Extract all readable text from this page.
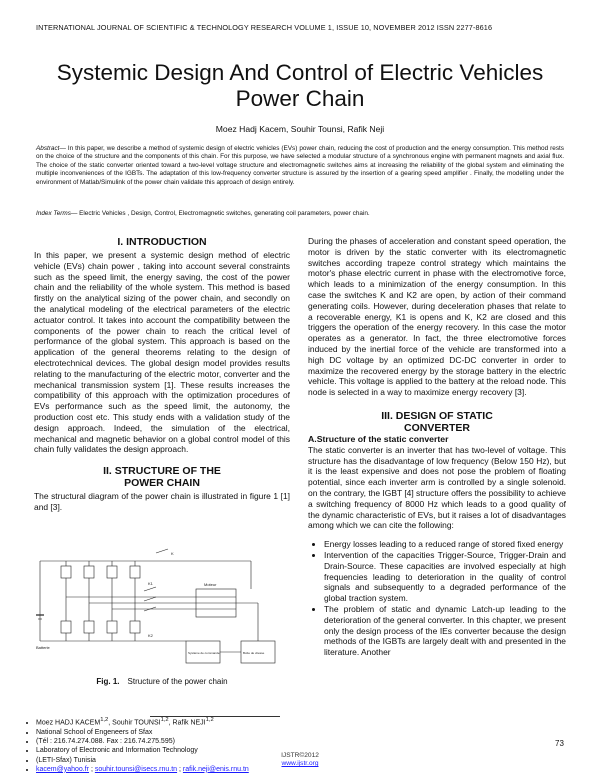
INTERNATIONAL JOURNAL OF SCIENTIFIC & TECHNOLOGY RESEARCH VOLUME 1, ISSUE 10, NOVEMBER 2012 ISSN 2277-8616
Systemic Design And Control of Electric Vehicles Power Chain
Moez Hadj Kacem, Souhir Tounsi, Rafik Neji
Abstract— In this paper, we describe a method of systemic design of electric vehicles (EVs) power chain, reducing the cost of production and the energy consumption. This method rests on the choice of the structure and the components of this chain. For this purpose, we have selected a modular structure of a synchronous engine with permanent magnets and axial flux. The choice of the static converter oriented toward a two-level voltage structure and electromagnetic switches aims at increasing the reliability of the global system and eliminating the multiple inconveniences of the IGBTs. The adaptation of this low-frequency converter structure is assured by the insertion of a gearing speed amplifier . Finally, the modelling under the environment of Matlab/Simulink of the power chain validate this approach of design entirely.
Index Terms— Electric Vehicles , Design, Control, Electromagnetic switches, generating coil parameters, power chain.
I. INTRODUCTION
In this paper, we present a systemic design method of electric vehicle (EVs) chain power , taking into account several constraints such as the speed limit, the energy saving, the cost of the power chain and the reliability of the whole system. This method is based firstly on the analytical sizing of the power chain, and secondly on the analytical modeling of the electrical parameters of the electric actuator control. It takes into account the compatibility between the components of the power chain to reach the critical level of performance of the global system. This approach is based on the application of the general theorems relating to the design of electrotechnical devices. The global design model provides results relating to the manufacturing of the electric motor, converter and the mechanical transmission system [1]. These results increases the compatibility of this approach with the optimization procedures of EVs performance such as the speed limit, the autonomy, the production cost etc. This study ends with a validation study of the design approach. Indeed, the simulation of the electrical, mechanical and magnetic behavior on a global control model of this chain fully validates the design approach.
II. STRUCTURE OF THE
POWER CHAIN
The structural diagram of the power chain is illustrated in figure 1 [1] and [3].
K
K1
K2
Moteur
Batterie
Système de commande	Boîte de vitesse
Fig. 1. Structure of the power chain
• Moez HADJ KACEM$^{1,2}$, Souhir TOUNSI$^{1,2}$, Rafik NEJI$^{1,2}$
• National School of Engeneers of Sfax
• (Tél : 216.74.274.088. Fax : 216.74.275.595)
• Laboratory of Electronic and Information Technology
• (LETI-Sfax) Tunisia
• kacem@yahoo.fr ; souhir.tounsi@isecs.rnu.tn ; rafik.neji@enis.rnu.tn
During the phases of acceleration and constant speed operation, the motor is driven by the static converter with its electromagnetic switches according trapeze control strategy which maintains the motor's phase electric current in phase with the electromotive force, which leads to a minimization of the energy consumption. In this case the switches K and K2 are open, by action of their command generating coils. However, during deceleration phases that relate to a recoverable energy, K1 is opens and K, K2 are closed and this triggers the operation of the energy recovery. In this case the motor operates as a generator. In fact, the three electromotive forces induced by the inertial force of the vehicle are transformed into a high DC voltage by an optimized DC-DC converter in order to maximize the recovered energy by the storage battery in the electric vehicle. This voltage is applied to the battery at the reload node. This node is selected in a way to maximize energy recovery [3].
III. DESIGN OF STATIC
CONVERTER
A.Structure of the static converter
The static converter is an inverter that has two-level of voltage. This structure has the disadvantage of low frequency (Below 150 Hz), but it is the least expensive and does not pose the problem of floating potential, since each inverter arm is controlled by a single solenoid. on the contrary, the IGBT [4] structure offers the possibility to achieve a switching frequency of 8000 Hz which leads to a good quality of the dynamic characteristic of EVs, but it raises a lot of disadvantages among which we can cite the following:
• Energy losses leading to a reduced range of stored fixed energy
• Intervention of the capacities Trigger-Source, Trigger-Drain and Drain-Source. These capacities are involved especially at high frequencies leading to deterioration in the quality of control signals and subsequently to a degraded performance of the global traction system.
• The problem of static and dynamic Latch-up leading to the deterioration of the general converter. In this chapter, we present only the design process of the IEs converter because the design methods of the IGBTs are largely dealt with and presented in the literature. Another
73
IJSTR©2012
www.ijstr.org
